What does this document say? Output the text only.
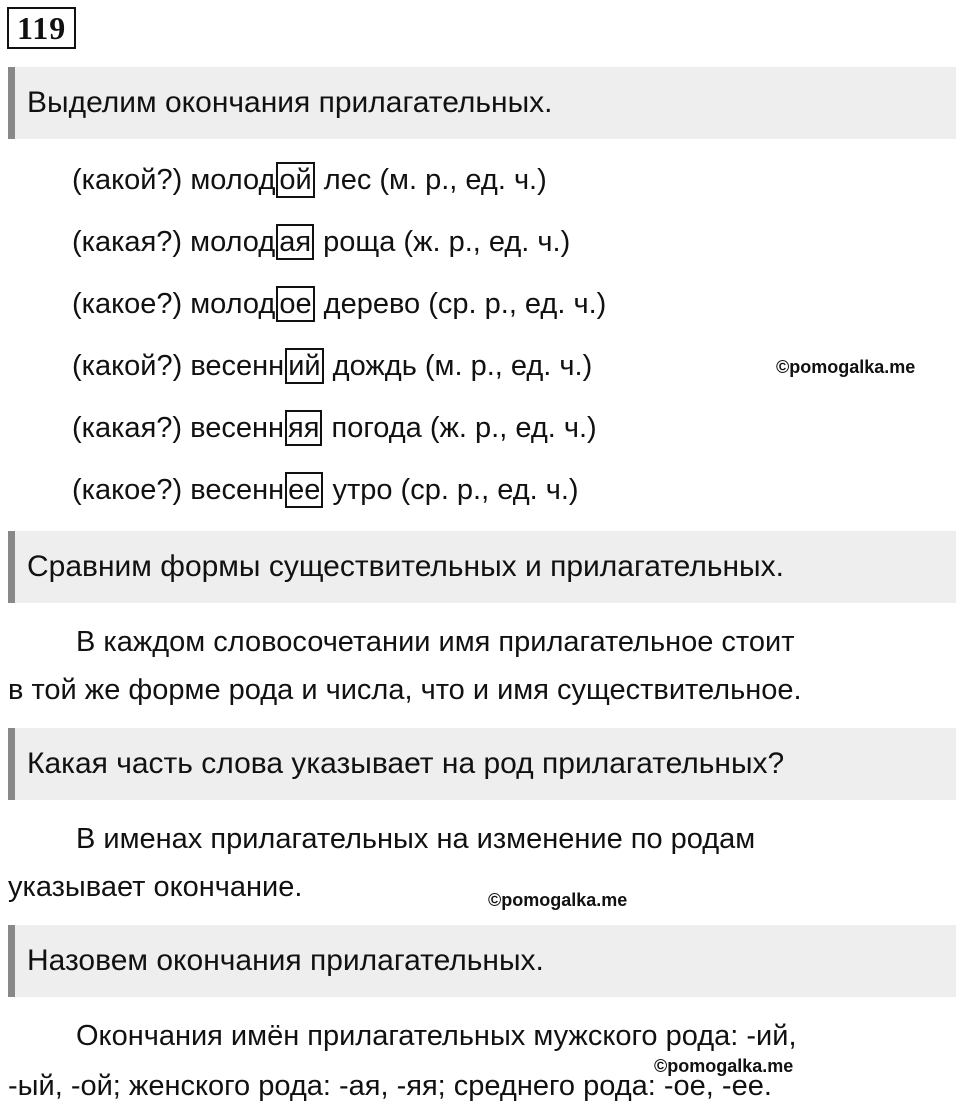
119
Выделим окончания прилагательных.
(какой?) молод ой лес (м. р., ед. ч.)
(какая?) молод ая роща (ж. р., ед. ч.)
(какое?) молод ое дерево (ср. р., ед. ч.)
(какой?) весенн ий дождь (м. р., ед. ч.)
(какая?) весенн яя погода (ж. р., ед. ч.)
(какое?) весенн ее утро (ср. р., ед. ч.)
©pomogalka.me
Сравним формы существительных и прилагательных.
В каждом словосочетании имя прилагательное стоит
в той же форме рода и числа, что и имя существительное.
Какая часть слова указывает на род прилагательных?
В именах прилагательных на изменение по родам
указывает окончание.	©pomogalka.me
Назовем окончания прилагательных.
Окончания имён прилагательных мужского рода: -ий,
©pomogalka.me
-ый, -ой; женского рода: -ая, -яя; среднего рода: -ое, -ее.
